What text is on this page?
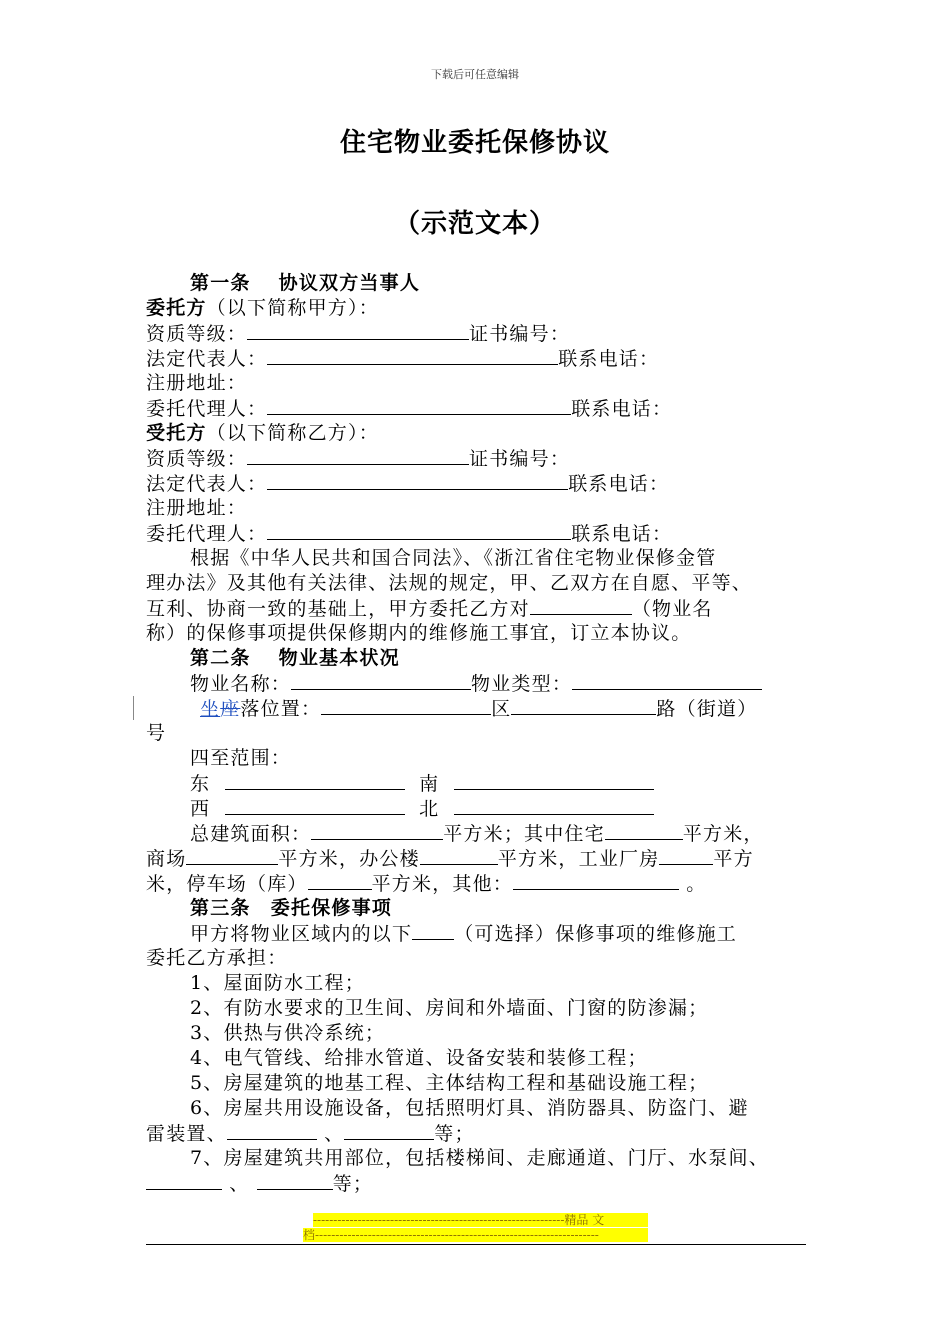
下载后可任意编辑
住宅物业委托保修协议
（示范文本）
第一条　 协议双方当事人
委托方（以下简称甲方）：
资质等级：	证书编号：
法定代表人：	联系电话：
注册地址：
委托代理人：	联系电话：
受托方（以下简称乙方）：
资质等级：	证书编号：
法定代表人：	联系电话：
注册地址：
委托代理人：	联系电话：
根据《中华人民共和国合同法》、《浙江省住宅物业保修金管
理办法》及其他有关法律、法规的规定，甲、乙双方在自愿、平等、
互利、协商一致的基础上，甲方委托乙方对	（物业名
称）的保修事项提供保修期内的维修施工事宜，订立本协议。
第二条　 物业基本状况
物业名称：	物业类型：
坐座落位置：	区	路（街道）
号
四至范围：
东	南
西	北
总建筑面积：	平方米；其中住宅	平方米，
商场	平方米，办公楼	平方米，工业厂房	平方
米，停车场（库）	平方米，其他：	。
第三条　委托保修事项
甲方将物业区域内的以下 （可选择）保修事项的维修施工
委托乙方承担：
1、屋面防水工程；
2、有防水要求的卫生间、房间和外墙面、门窗的防渗漏；
3、供热与供冷系统；
4、电气管线、给排水管道、设备安装和装修工程；
5、房屋建筑的地基工程、主体结构工程和基础设施工程；
6、房屋共用设施设备，包括照明灯具、消防器具、防盗门、避
雷装置、	、	等；
7、房屋建筑共用部位，包括楼梯间、走廊通道、门厅、水泵间、
、	等；
--------------------------------------------------------------精品 文
档----------------------------------------------------------------------
